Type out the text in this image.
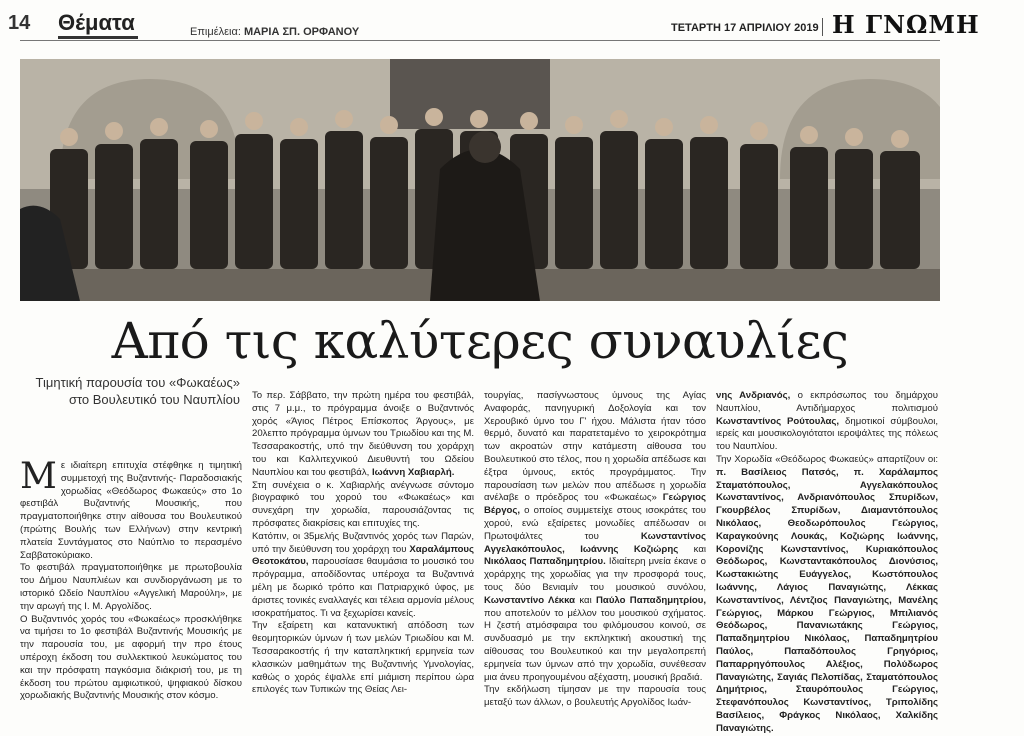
14 Θέματα	Επιμέλεια: ΜΑΡΙΑ ΣΠ. ΟΡΦΑΝΟΥ	ΤΕΤΑΡΤΗ 17 ΑΠΡΙΛΙΟΥ 2019 Η ΓΝΩΜΗ
Από τις καλύτερες συναυλίες
Τιμητική παρουσία του «Φωκαέως» στο Βουλευτικό του Ναυπλίου

Με ιδιαίτερη επιτυχία στέφθηκε η τιμητική συμμετοχή της Βυζαντινής- Παραδοσιακής χορωδίας «Θεόδωρος Φωκαεύς» στο 1ο φεστιβάλ Βυζαντινής Μουσικής, που πραγματοποιήθηκε στην αίθουσα του Βουλευτικού (πρώτης Βουλής των Ελλήνων) στην κεντρική πλατεία Συντάγματος στο Ναύπλιο το περασμένο Σαββατοκύριακο.

Το φεστιβάλ πραγματοποιήθηκε με πρωτοβουλία του Δήμου Ναυπλιέων και συνδιοργάνωση με το ιστορικό Ωδείο Ναυπλίου «Αγγελική Μαρούλη», με την αρωγή της Ι. Μ. Αργολίδος.

Ο Βυζαντινός χορός του «Φωκαέως» προσκλήθηκε να τιμήσει το 1ο φεστιβάλ Βυζαντινής Μουσικής με την παρουσία του, με αφορμή την προ έτους υπέροχη έκδοση του συλλεκτικού λευκώματος του και την πρόσφατη παγκόσμια διάκρισή του, με τη έκδοση του πρώτου αμφιωτικού, ψηφιακού δίσκου χορωδιακής Βυζαντινής Μουσικής στον κόσμο.

Το περ. Σάββατο, την πρώτη ημέρα του φεστιβάλ, στις 7 μ.μ., το πρόγραμμα άνοιξε ο Βυζαντινός χορός «Άγιος Πέτρος Επίσκοπος Άργους», με 20λεπτο πρόγραμμα ύμνων του Τριωδίου και της Μ. Τεσσαρακοστής, υπό την διεύθυνση του χοράρχη του και Καλλιτεχνικού Διευθυντή του Ωδείου Ναυπλίου και του φεστιβάλ, Ιωάννη Χαβιαρλή.

Στη συνέχεια ο κ. Χαβιαρλής ανέγνωσε σύντομο βιογραφικό του χορού του «Φωκαέως» και συνεχάρη την χορωδία, παρουσιάζοντας τις πρόσφατες διακρίσεις και επιτυχίες της.

Κατόπιν, οι 35μελής Βυζαντινός χορός των Παρών, υπό την διεύθυνση του χοράρχη του Χαραλάμπους Θεοτοκάτου, παρουσίασε θαυμάσια το μουσικό του πρόγραμμα, αποδίδοντας υπέροχα τα Βυζαντινά μέλη με δωρικό τρόπο και Πατριαρχικό ύφος, με άριστες τονικές εναλλαγές και τέλεια αρμονία μέλους ισοκρατήματος. Τι να ξεχωρίσει κανείς.

Την εξαίρετη και κατανυκτική απόδοση των θεομητορικών ύμνων ή των μελών Τριωδίου και Μ. Τεσσαρακοστής ή την καταπληκτική ερμηνεία των κλασικών μαθημάτων της Βυζαντινής Υμνολογίας, καθώς ο χορός έψαλλε επί μιάμιση περίπου ώρα επιλογές των Τυπικών της Θείας Λει-

τουργίας, πασίγνωστους ύμνους της Αγίας Αναφοράς, πανηγυρική Δοξολογία και τον Χερουβικό ύμνο του Γ' ήχου. Μάλιστα ήταν τόσο θερμό, δυνατό και παρατεταμένο το χειροκρότημα των ακροατών στην κατάμεστη αίθουσα του Βουλευτικού στο τέλος, που η χορωδία απέδωσε και έξτρα ύμνους, εκτός προγράμματος. Την παρουσίαση των μελών που απέδωσε η χορωδία ανέλαβε ο πρόεδρος του «Φωκαέως» Γεώργιος Βέργος, ο οποίος συμμετείχε στους ισοκράτες του χορού, ενώ εξαίρετες μονωδίες απέδωσαν οι Πρωτοψάλτες του	Κωνσταντίνος Αγγελακόπουλος, Ιωάννης Κοζιώρης και Νικόλαος Παπαδημητρίου. Ιδιαίτερη μνεία έκανε ο χοράρχης της χορωδίας για την προσφορά τους, τους δύο Βενιαμίν του μουσικού συνόλου, Κωνσταντίνο Λέκκα και Παύλο Παπαδημητρίου, που αποτελούν το μέλλον του μουσικού σχήματος. Η ζεστή ατμόσφαιρα του φιλόμουσου κοινού, σε συνδυασμό με την εκπληκτική ακουστική της αίθουσας του Βουλευτικού και την μεγαλοπρεπή ερμηνεία των ύμνων από την χορωδία, συνέθεσαν μια άνευ προηγουμένου αξέχαστη, μουσική βραδιά.

Την εκδήλωση τίμησαν με την παρουσία τους μεταξύ των άλλων, ο βουλευτής Αργολίδος Ιωάν-

νης Ανδριανός, ο εκπρόσωπος του δημάρχου Ναυπλίου, Αντιδήμαρχος πολιτισμού Κωνσταντίνος Ρούτουλας, δημοτικοί σύμβουλοι, ιερείς και μουσικολογιότατοι ιεροψάλτες της πόλεως του Ναυπλίου.

Την Χορωδία «Θεόδωρος Φωκαεύς» απαρτίζουν οι: π. Βασίλειος Πατσός, π. Χαράλαμπος Σταματόπουλος, Αγγελακόπουλος Κωνσταντίνος, Ανδριανόπουλος Σπυρίδων, Γκουρβέλος Σπυρίδων, Διαμαντόπουλος Νικόλαος, Θεοδωρόπουλος Γεώργιος, Καραγκούνης Λουκάς, Κοζιώρης Ιωάννης, Κορονίζης Κωνσταντίνος, Κυριακόπουλος Θεόδωρος, Κωνσταντακόπουλος Διονύσιος, Κωστακιώτης Ευάγγελος, Κωστόπουλος Ιωάννης, Λάγιος Παναγιώτης, Λέκκας Κωνσταντίνος, Λέντζιος Παναγιώτης, Μανέλης Γεώργιος, Μάρκου Γεώργιος, Μπιλιανός Θεόδωρος, Πανανιωτάκης Γεώργιος, Παπαδημητρίου Νικόλαος, Παπαδημητρίου Παύλος, Παπαδόπουλος Γρηγόριος, Παπαρρηγόπουλος Αλέξιος, Πολύδωρος Παναγιώτης, Σαγιάς Πελοπίδας, Σταματόπουλος Δημήτριος, Σταυρόπουλος Γεώργιος, Στεφανόπουλος Κωνσταντίνος, Τριπολίδης Βασίλειος, Φράγκος Νικόλαος, Χαλκίδης Παναγιώτης.
